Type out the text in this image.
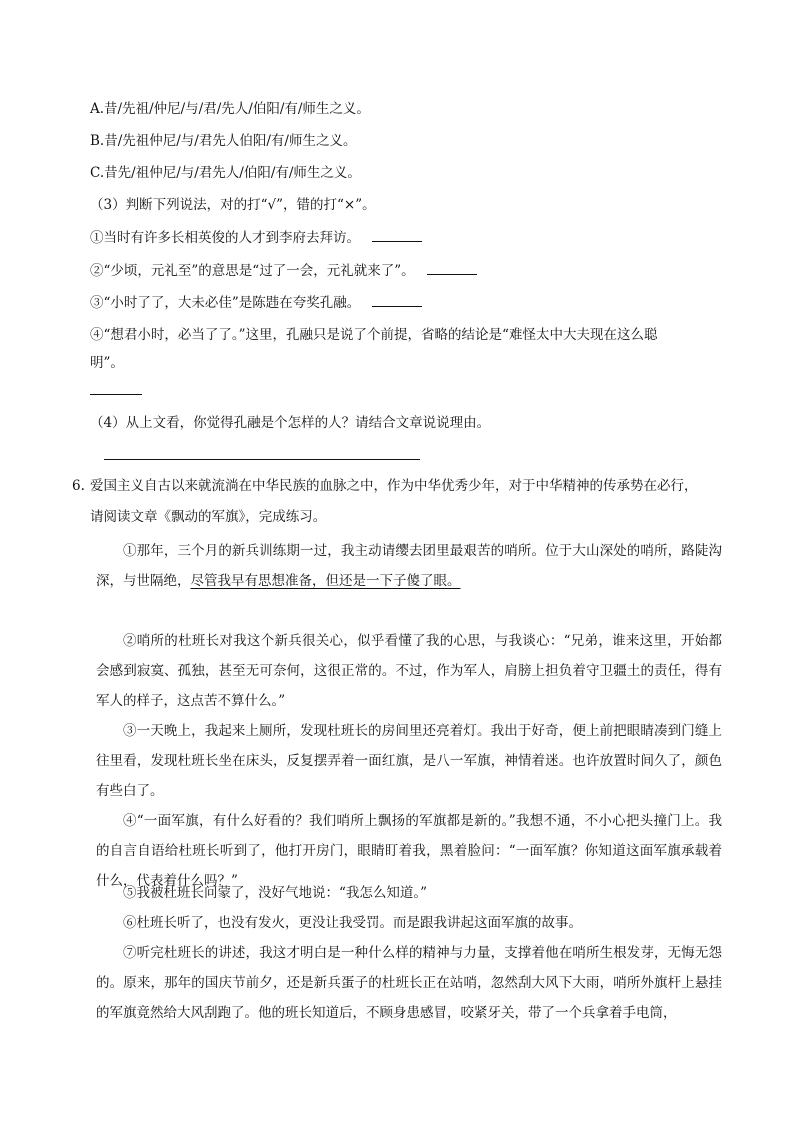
A.昔/先祖/仲尼/与/君/先人/伯阳/有/师生之义。
B.昔/先祖仲尼/与/君先人伯阳/有/师生之义。
C.昔先/祖仲尼/与/君先人/伯阳/有/师生之义。
（3）判断下列说法，对的打“√”，错的打“×”。
①当时有许多长相英俊的人才到李府去拜访。
②“少顷，元礼至”的意思是“过了一会，元礼就来了”。
③“小时了了，大未必佳”是陈韪在夸奖孔融。
④“想君小时，必当了了。”这里，孔融只是说了个前提，省略的结论是“难怪太中大夫现在这么聪
明”。
（4）从上文看，你觉得孔融是个怎样的人？请结合文章说说理由。
6. 爱国主义自古以来就流淌在中华民族的血脉之中，作为中华优秀少年，对于中华精神的传承势在必行，
请阅读文章《飘动的军旗》，完成练习。
①那年，三个月的新兵训练期一过，我主动请缨去团里最艰苦的哨所。位于大山深处的哨所，路陡沟深，与世隔绝，尽管我早有思想准备，但还是一下子傻了眼。
②哨所的杜班长对我这个新兵很关心，似乎看懂了我的心思，与我谈心：“兄弟，谁来这里，开始都会感到寂寞、孤独，甚至无可奈何，这很正常的。不过，作为军人，肩膀上担负着守卫疆土的责任，得有军人的样子，这点苦不算什么。”
③一天晚上，我起来上厕所，发现杜班长的房间里还亮着灯。我出于好奇，便上前把眼睛凑到门缝上往里看，发现杜班长坐在床头，反复摆弄着一面红旗，是八一军旗，神情着迷。也许放置时间久了，颜色有些白了。
④“一面军旗，有什么好看的？我们哨所上飘扬的军旗都是新的。”我想不通，不小心把头撞门上。我的自言自语给杜班长听到了，他打开房门，眼睛盯着我，黑着脸问：“一面军旗？你知道这面军旗承载着什么，代表着什么吗？”
⑤我被杜班长问蒙了，没好气地说：“我怎么知道。”
⑥杜班长听了，也没有发火，更没让我受罚。而是跟我讲起这面军旗的故事。
⑦听完杜班长的讲述，我这才明白是一种什么样的精神与力量，支撑着他在哨所生根发芽，无悔无怨的。原来，那年的国庆节前夕，还是新兵蛋子的杜班长正在站哨，忽然刮大风下大雨，哨所外旗杆上悬挂的军旗竟然给大风刮跑了。他的班长知道后，不顾身患感冒，咬紧牙关，带了一个兵拿着手电筒，
